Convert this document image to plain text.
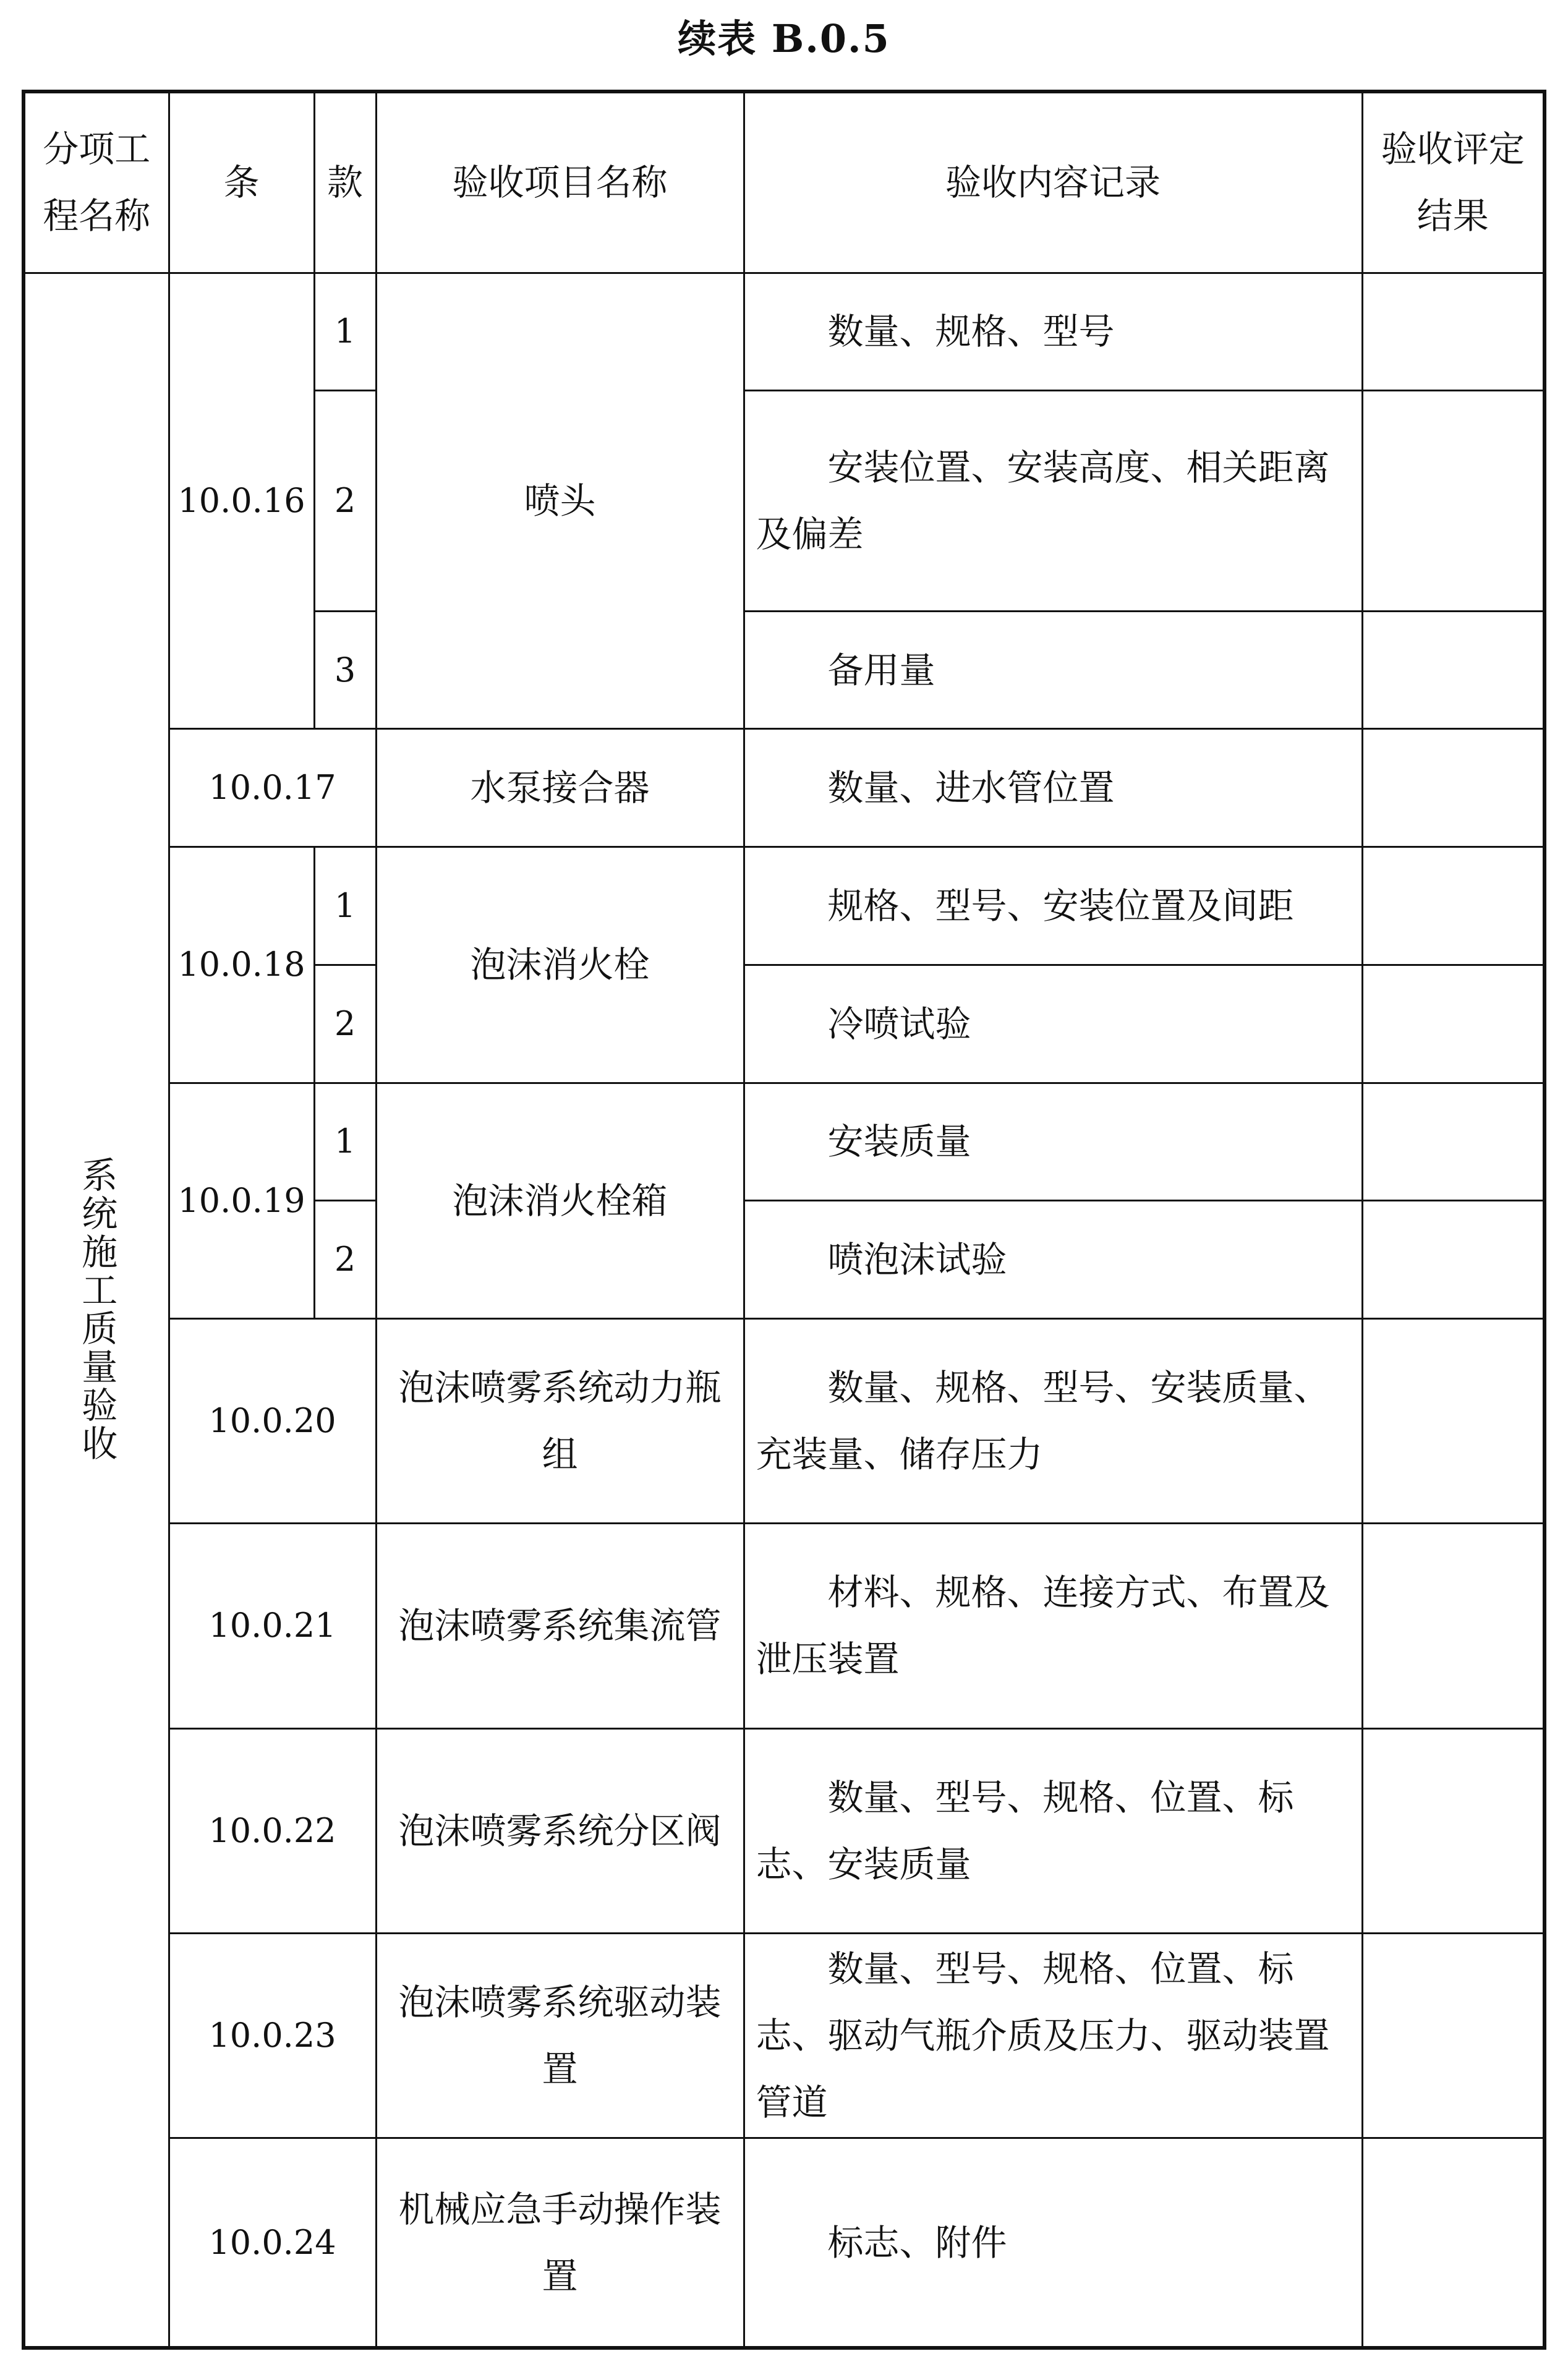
续表 B.0.5
分项工程名称	条	款	验收项目名称	验收内容记录	验收评定结果

系统施工质量验收	10.0.16	1	喷头	数量、规格、型号	
		2		安装位置、安装高度、相关距离及偏差	
		3		备用量	
	10.0.17		水泵接合器	数量、进水管位置	
	10.0.18	1	泡沫消火栓	规格、型号、安装位置及间距	
		2		冷喷试验	
	10.0.19	1	泡沫消火栓箱	安装质量	
		2		喷泡沫试验	
	10.0.20		泡沫喷雾系统动力瓶组	数量、规格、型号、安装质量、充装量、储存压力	
	10.0.21		泡沫喷雾系统集流管	材料、规格、连接方式、布置及泄压装置	
	10.0.22		泡沫喷雾系统分区阀	数量、型号、规格、位置、标志、安装质量	
	10.0.23		泡沫喷雾系统驱动装置	数量、型号、规格、位置、标志、驱动气瓶介质及压力、驱动装置管道	
	10.0.24		机械应急手动操作装置	标志、附件	
